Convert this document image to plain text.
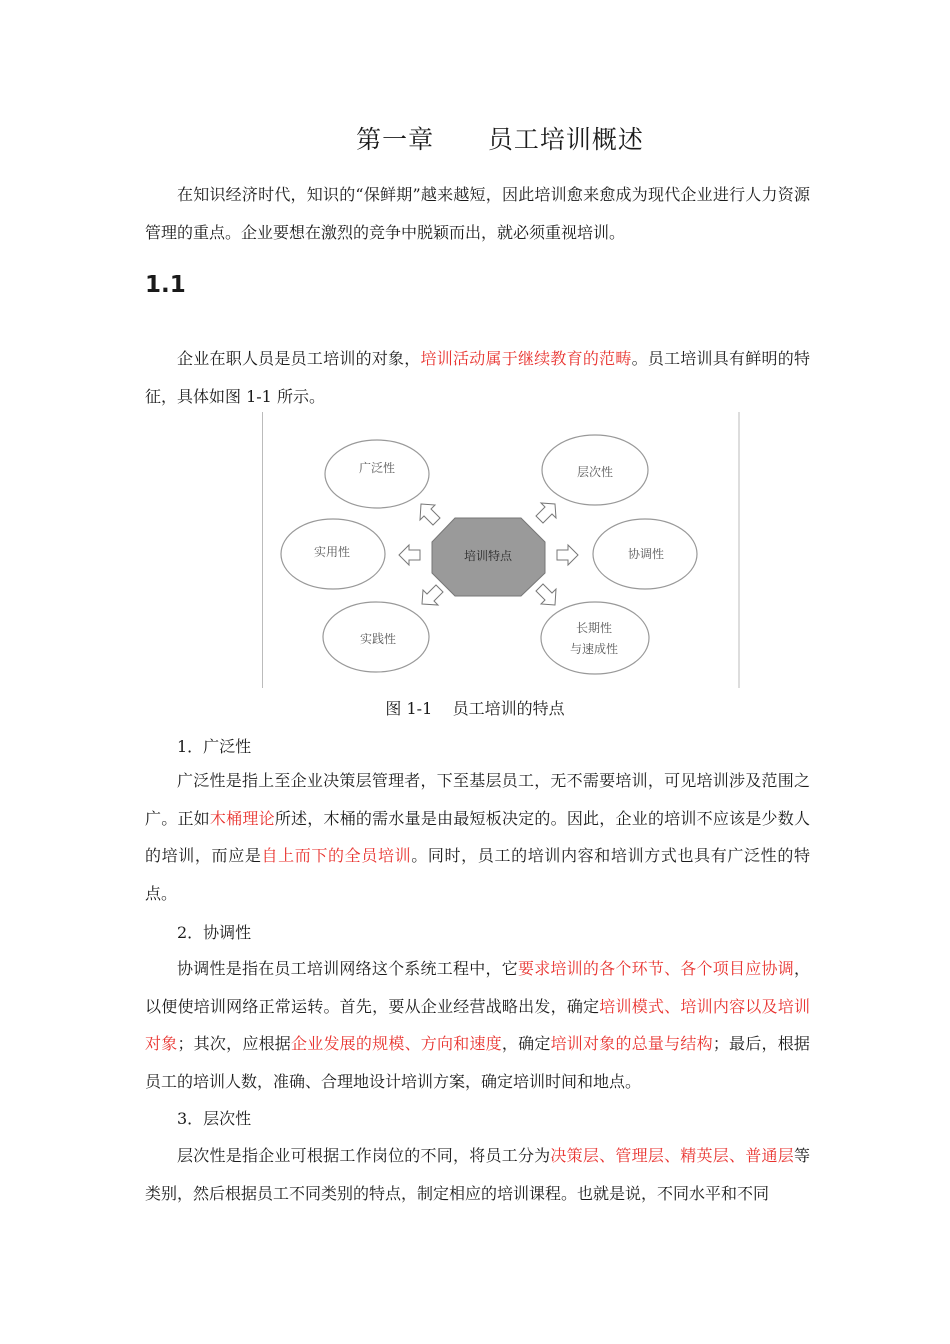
第一章      员工培训概述

在知识经济时代，知识的“保鲜期”越来越短，因此培训愈来愈成为现代企业进行人力资源管理的重点。企业要想在激烈的竞争中脱颖而出，就必须重视培训。

1.1

企业在职人员是员工培训的对象，培训活动属于继续教育的范畴。员工培训具有鲜明的特征，具体如图 1-1 所示。

广泛性	层次性
实用性	协调性
实践性
长期性
与速成性
培训特点
图 1-1    员工培训的特点
1．广泛性

广泛性是指上至企业决策层管理者，下至基层员工，无不需要培训，可见培训涉及范围之广。正如木桶理论所述，木桶的需水量是由最短板决定的。因此，企业的培训不应该是少数人的培训，而应是自上而下的全员培训。同时，员工的培训内容和培训方式也具有广泛性的特点。

2．协调性

协调性是指在员工培训网络这个系统工程中，它要求培训的各个环节、各个项目应协调，以便使培训网络正常运转。首先，要从企业经营战略出发，确定培训模式、培训内容以及培训对象；其次，应根据企业发展的规模、方向和速度，确定培训对象的总量与结构；最后，根据员工的培训人数，准确、合理地设计培训方案，确定培训时间和地点。

3．层次性

层次性是指企业可根据工作岗位的不同，将员工分为决策层、管理层、精英层、普通层等类别，然后根据员工不同类别的特点，制定相应的培训课程。也就是说，不同水平和不同
